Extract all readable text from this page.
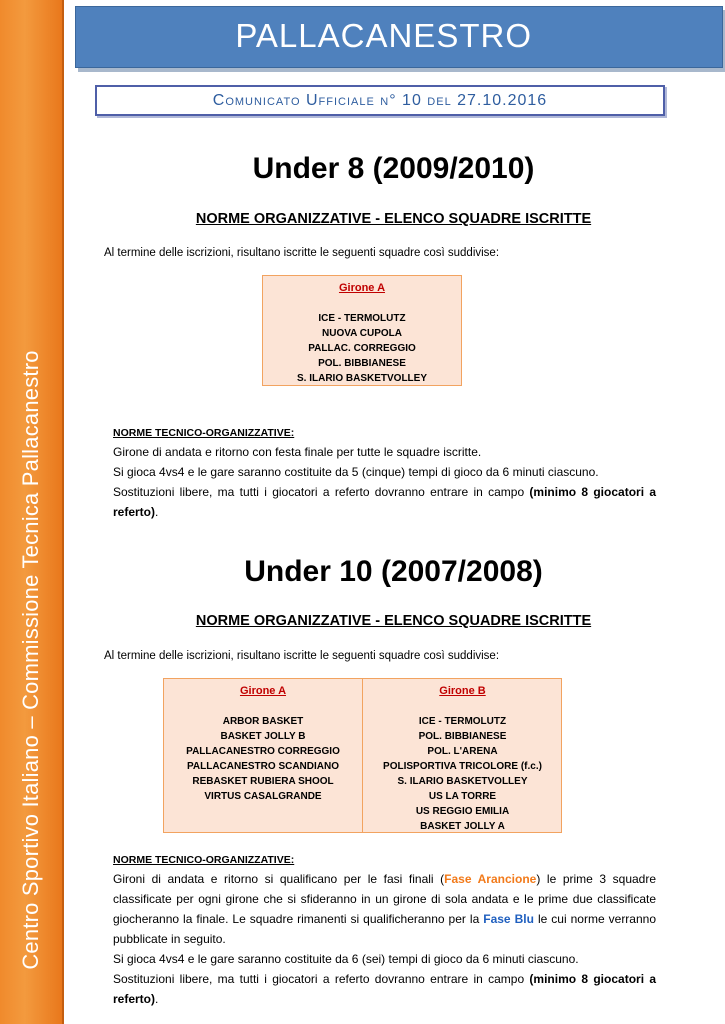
Centro Sportivo Italiano – Commissione Tecnica Pallacanestro
PALLACANESTRO
Comunicato Ufficiale n° 10 del 27.10.2016
Under 8 (2009/2010)
NORME ORGANIZZATIVE - ELENCO SQUADRE ISCRITTE
Al termine delle iscrizioni, risultano iscritte le seguenti squadre così suddivise:
Girone A
ICE - TERMOLUTZ
NUOVA CUPOLA
PALLAC. CORREGGIO
POL. BIBBIANESE
S. ILARIO BASKETVOLLEY
NORME TECNICO-ORGANIZZATIVE:

Girone di andata e ritorno con festa finale per tutte le squadre iscritte.

Si gioca 4vs4 e le gare saranno costituite da 5 (cinque) tempi di gioco da 6 minuti ciascuno.

Sostituzioni libere, ma tutti i giocatori a referto dovranno entrare in campo (minimo 8 giocatori a referto).

Under 10 (2007/2008)
NORME ORGANIZZATIVE - ELENCO SQUADRE ISCRITTE
Al termine delle iscrizioni, risultano iscritte le seguenti squadre così suddivise:
Girone A
ARBOR BASKET
BASKET JOLLY B
PALLACANESTRO CORREGGIO
PALLACANESTRO SCANDIANO
REBASKET RUBIERA SHOOL
VIRTUS CASALGRANDE
Girone B
ICE - TERMOLUTZ
POL. BIBBIANESE
POL. L'ARENA
POLISPORTIVA TRICOLORE (f.c.)
S. ILARIO BASKETVOLLEY
US LA TORRE
US REGGIO EMILIA
BASKET JOLLY A
NORME TECNICO-ORGANIZZATIVE:

Gironi di andata e ritorno si qualificano per le fasi finali (Fase Arancione) le prime 3 squadre classificate per ogni girone che si sfideranno in un girone di sola andata e le prime due classificate giocheranno la finale. Le squadre rimanenti si qualificheranno per la Fase Blu le cui norme verranno pubblicate in seguito.

Si gioca 4vs4 e le gare saranno costituite da 6 (sei) tempi di gioco da 6 minuti ciascuno.

Sostituzioni libere, ma tutti i giocatori a referto dovranno entrare in campo (minimo 8 giocatori a referto).
